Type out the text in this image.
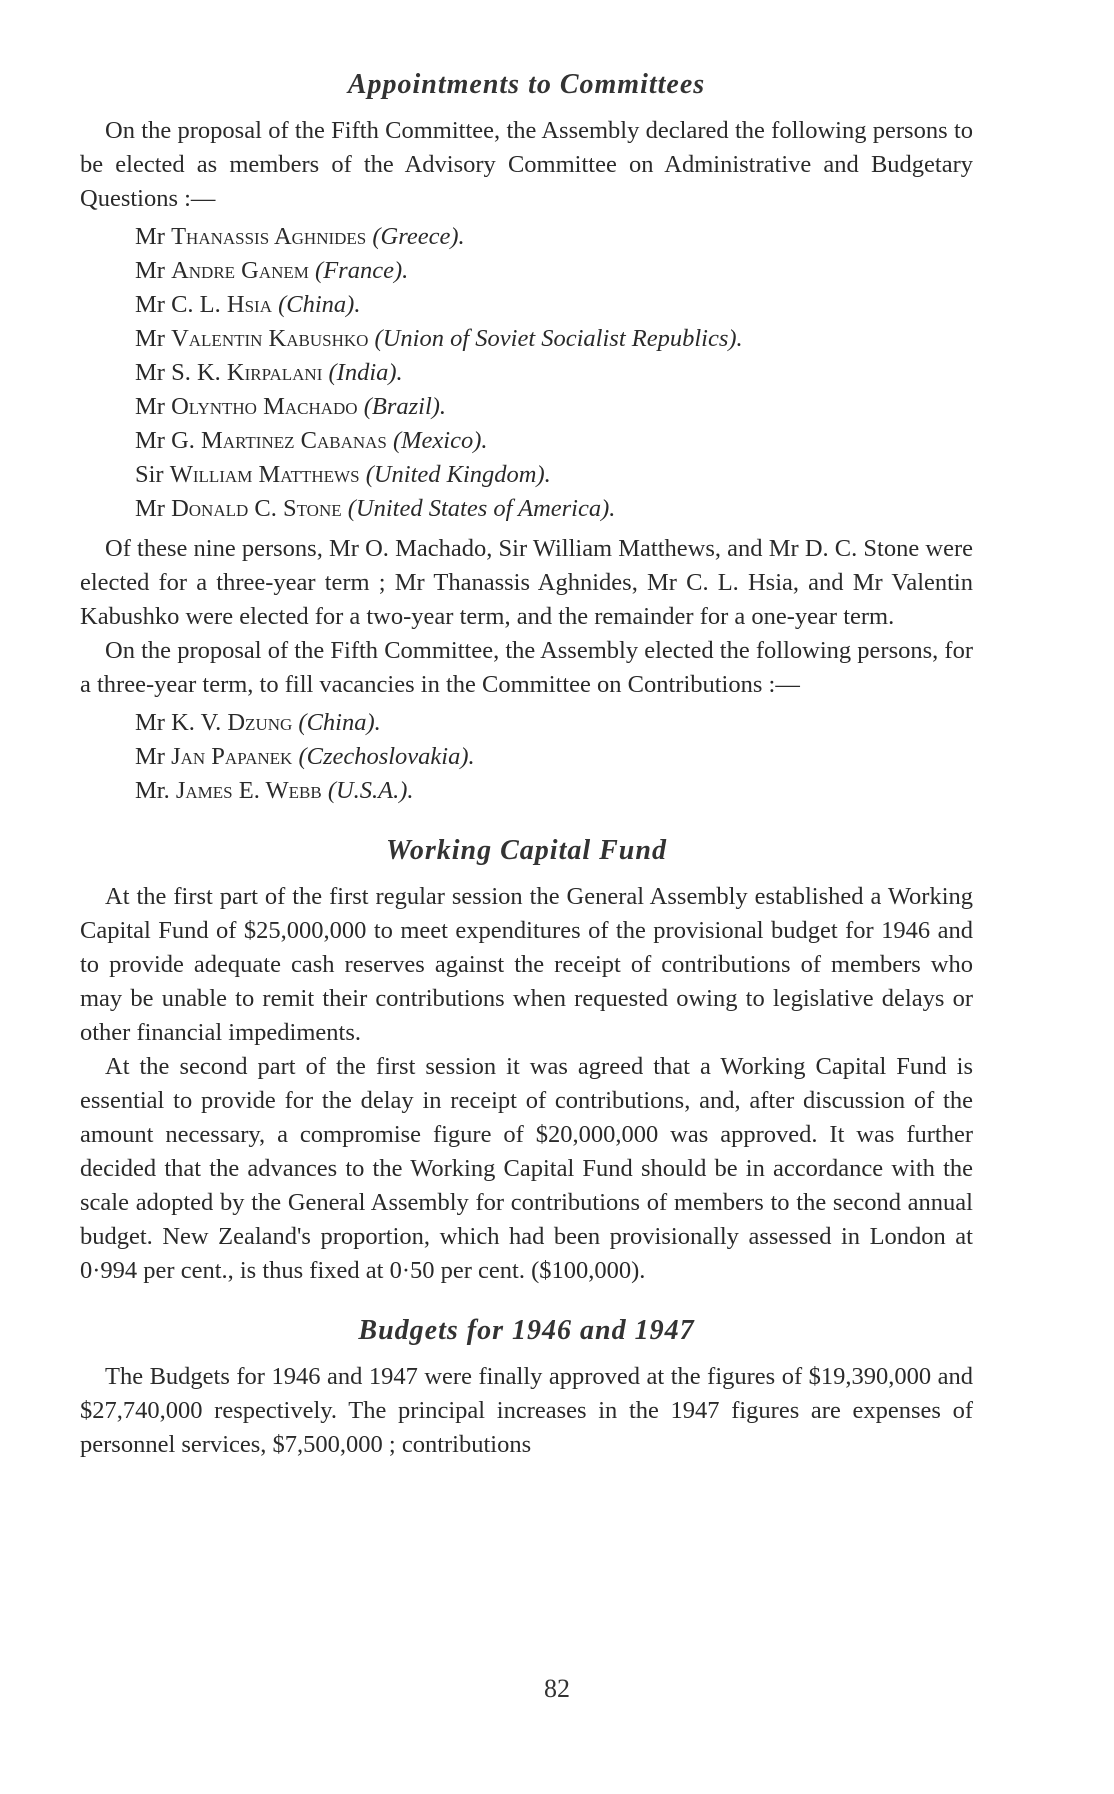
Appointments to Committees

On the proposal of the Fifth Committee, the Assembly declared the following persons to be elected as members of the Advisory Committee on Administrative and Budgetary Questions :—

Mr Thanassis Aghnides (Greece).
Mr Andre Ganem (France).
Mr C. L. Hsia (China).
Mr Valentin Kabushko (Union of Soviet Socialist Republics).
Mr S. K. Kirpalani (India).
Mr Olyntho Machado (Brazil).
Mr G. Martinez Cabanas (Mexico).
Sir William Matthews (United Kingdom).
Mr Donald C. Stone (United States of America).

Of these nine persons, Mr O. Machado, Sir William Matthews, and Mr D. C. Stone were elected for a three-year term ; Mr Thanassis Aghnides, Mr C. L. Hsia, and Mr Valentin Kabushko were elected for a two-year term, and the remainder for a one-year term.

On the proposal of the Fifth Committee, the Assembly elected the following persons, for a three-year term, to fill vacancies in the Committee on Contributions :—

Mr K. V. Dzung (China).
Mr Jan Papanek (Czechoslovakia).
Mr. James E. Webb (U.S.A.).
Working Capital Fund

At the first part of the first regular session the General Assembly established a Working Capital Fund of $25,000,000 to meet expenditures of the provisional budget for 1946 and to provide adequate cash reserves against the receipt of contributions of members who may be unable to remit their contributions when requested owing to legislative delays or other financial impediments.

At the second part of the first session it was agreed that a Working Capital Fund is essential to provide for the delay in receipt of contributions, and, after discussion of the amount necessary, a compromise figure of $20,000,000 was approved. It was further decided that the advances to the Working Capital Fund should be in accordance with the scale adopted by the General Assembly for contributions of members to the second annual budget. New Zealand's proportion, which had been provisionally assessed in London at 0·994 per cent., is thus fixed at 0·50 per cent. ($100,000).

Budgets for 1946 and 1947

The Budgets for 1946 and 1947 were finally approved at the figures of $19,390,000 and $27,740,000 respectively. The principal increases in the 1947 figures are expenses of personnel services, $7,500,000 ; contributions

82
